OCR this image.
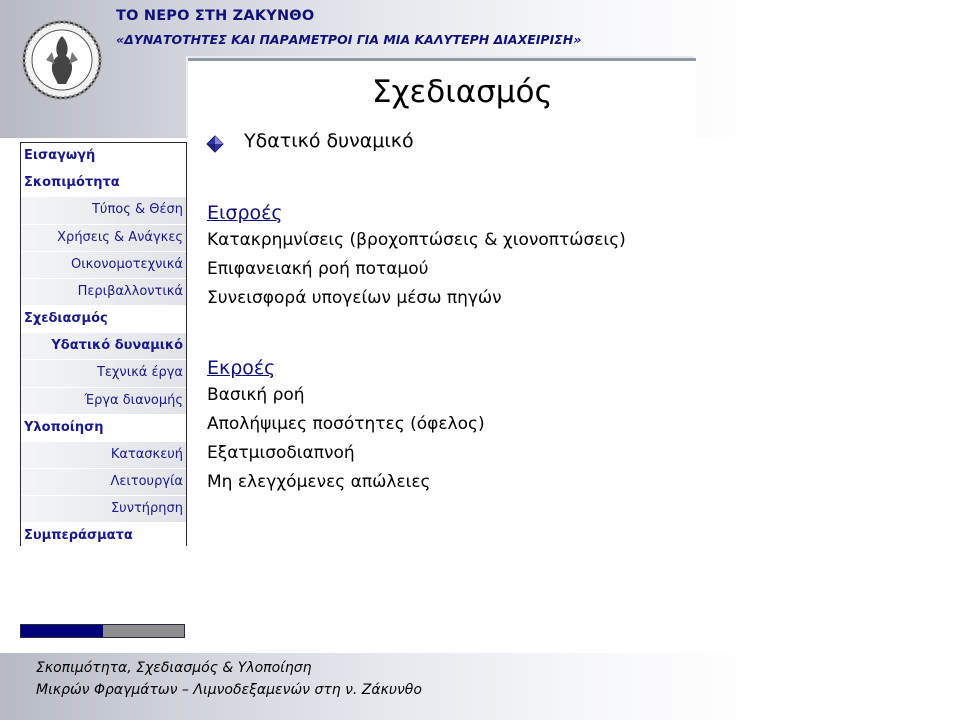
ΤΟ ΝΕΡΟ ΣΤΗ ΖΑΚΥΝΘΟ
«ΔΥΝΑΤΟΤΗΤΕΣ ΚΑΙ ΠΑΡΑΜΕΤΡΟΙ ΓΙΑ ΜΙΑ ΚΑΛΥΤΕΡΗ ΔΙΑΧΕΙΡΙΣΗ»
Σχεδιασμός
Εισαγωγή
Σκοπιμότητα
Τύπος & Θέση
Χρήσεις & Ανάγκες
Οικονομοτεχνικά
Περιβαλλοντικά
Σχεδιασμός
Υδατικό δυναμικό
Τεχνικά έργα
Έργα διανομής
Υλοποίηση
Κατασκευή
Λειτουργία
Συντήρηση
Συμπεράσματα
Υδατικό δυναμικό

Εισροές

Κατακρημνίσεις (βροχοπτώσεις & χιονοπτώσεις)

Επιφανειακή ροή ποταμού

Συνεισφορά υπογείων μέσω πηγών

Εκροές

Βασική ροή

Απολήψιμες ποσότητες (όφελος)

Εξατμισοδιαπνοή

Μη ελεγχόμενες απώλειες

Σκοπιμότητα, Σχεδιασμός & Υλοποίηση
Μικρών Φραγμάτων – Λιμνοδεξαμενών στη ν. Ζάκυνθο
